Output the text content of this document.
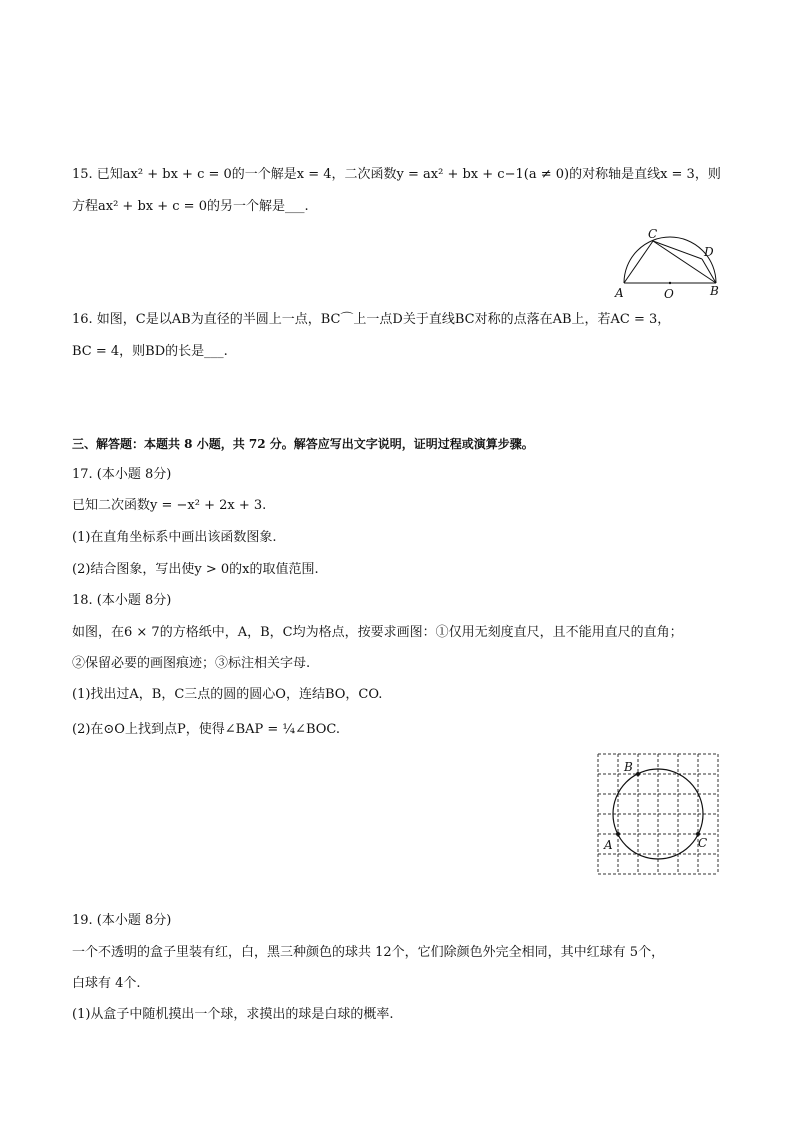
15. 已知ax² + bx + c = 0的一个解是x = 4，二次函数y = ax² + bx + c−1(a ≠ 0)的对称轴是直线x = 3，则
方程ax² + bx + c = 0的另一个解是___.
C
D
A	O	B
16. 如图，C是以AB为直径的半圆上一点，BC⌒上一点D关于直线BC对称的点落在AB上，若AC = 3，
BC = 4，则BD的长是___.
三、解答题：本题共 8 小题，共 72 分。解答应写出文字说明，证明过程或演算步骤。
17. (本小题 8分)
已知二次函数y = −x² + 2x + 3.
(1)在直角坐标系中画出该函数图象.
(2)结合图象，写出使y > 0的x的取值范围.
18. (本小题 8分)
如图，在6 × 7的方格纸中，A，B，C均为格点，按要求画图：①仅用无刻度直尺，且不能用直尺的直角；
②保留必要的画图痕迹；③标注相关字母.
(1)找出过A，B，C三点的圆的圆心O，连结BO，CO.
(2)在⊙O上找到点P，使得∠BAP = ¼∠BOC.
B
A	C
19. (本小题 8分)
一个不透明的盒子里装有红，白，黑三种颜色的球共 12个，它们除颜色外完全相同，其中红球有 5个，
白球有 4个.
(1)从盒子中随机摸出一个球，求摸出的球是白球的概率.
